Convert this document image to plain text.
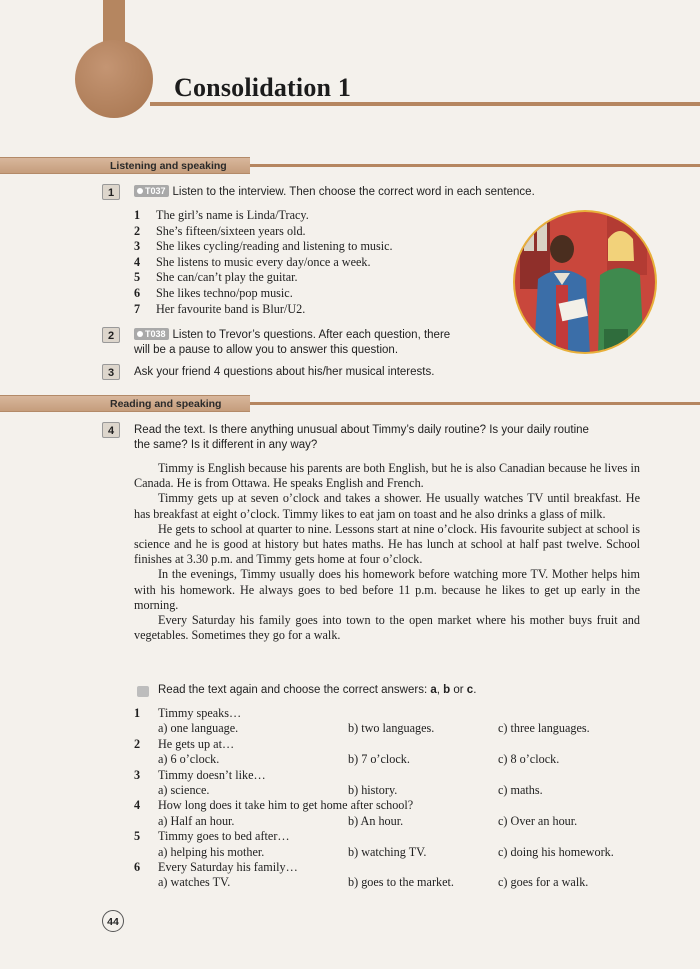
Consolidation 1
Listening and speaking
1	T037 Listen to the interview. Then choose the correct word in each sentence.
1 The girl’s name is Linda/Tracy.
2 She’s fifteen/sixteen years old.
3 She likes cycling/reading and listening to music.
4 She listens to music every day/once a week.
5 She can/can’t play the guitar.
6 She likes techno/pop music.
7 Her favourite band is Blur/U2.
2	T038 Listen to Trevor’s questions. After each question, there
will be a pause to allow you to answer this question.
3	Ask your friend 4 questions about his/her musical interests.
Reading and speaking
4	Read the text. Is there anything unusual about Timmy’s daily routine? Is your daily routine
the same? Is it different in any way?

Timmy is English because his parents are both English, but he is also Canadian because he lives in Canada. He is from Ottawa. He speaks English and French.

Timmy gets up at seven o’clock and takes a shower. He usually watches TV until breakfast. He has breakfast at eight o’clock. Timmy likes to eat jam on toast and he also drinks a glass of milk.

He gets to school at quarter to nine. Lessons start at nine o’clock. His favourite subject at school is science and he is good at history but hates maths. He has lunch at school at half past twelve. School finishes at 3.30 p.m. and Timmy gets home at four o’clock.

In the evenings, Timmy usually does his homework before watching more TV. Mother helps him with his homework. He always goes to bed before 11 p.m. because he likes to get up early in the morning.

Every Saturday his family goes into town to the open market where his mother buys fruit and vegetables. Sometimes they go for a walk.

Read the text again and choose the correct answers: a, b or c.
1 Timmy speaks…
a) one language.	b) two languages.	c) three languages.
2 He gets up at…
a) 6 o’clock.	b) 7 o’clock.	c) 8 o’clock.
3 Timmy doesn’t like…
a) science.	b) history.	c) maths.
4 How long does it take him to get home after school?
a) Half an hour.	b) An hour.	c) Over an hour.
5 Timmy goes to bed after…
a) helping his mother.	b) watching TV.	c) doing his homework.
6 Every Saturday his family…
a) watches TV.	b) goes to the market.	c) goes for a walk.
44
